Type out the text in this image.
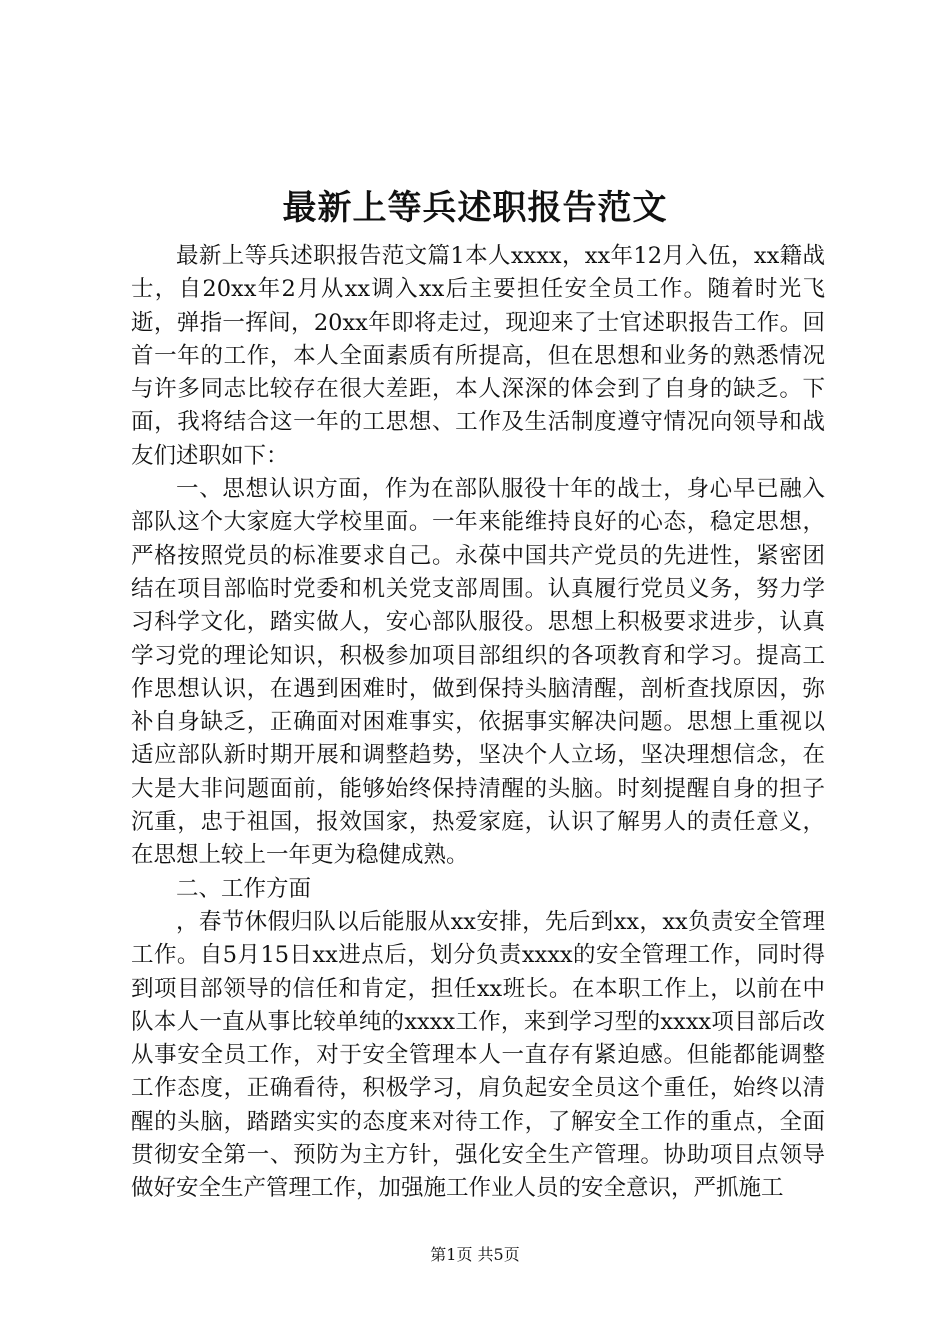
最新上等兵述职报告范文

最新上等兵述职报告范文篇1本人xxxx，xx年12月入伍，xx籍战士，自20xx年2月从xx调入xx后主要担任安全员工作。随着时光飞逝，弹指一挥间，20xx年即将走过，现迎来了士官述职报告工作。回首一年的工作，本人全面素质有所提高，但在思想和业务的熟悉情况与许多同志比较存在很大差距，本人深深的体会到了自身的缺乏。下面，我将结合这一年的工思想、工作及生活制度遵守情况向领导和战友们述职如下：

一、思想认识方面，作为在部队服役十年的战士，身心早已融入部队这个大家庭大学校里面。一年来能维持良好的心态，稳定思想，严格按照党员的标准要求自己。永葆中国共产党员的先进性，紧密团结在项目部临时党委和机关党支部周围。认真履行党员义务，努力学习科学文化，踏实做人，安心部队服役。思想上积极要求进步，认真学习党的理论知识，积极参加项目部组织的各项教育和学习。提高工作思想认识，在遇到困难时，做到保持头脑清醒，剖析查找原因，弥补自身缺乏，正确面对困难事实，依据事实解决问题。思想上重视以适应部队新时期开展和调整趋势，坚决个人立场，坚决理想信念，在大是大非问题面前，能够始终保持清醒的头脑。时刻提醒自身的担子沉重，忠于祖国，报效国家，热爱家庭，认识了解男人的责任意义，在思想上较上一年更为稳健成熟。

二、工作方面

，春节休假归队以后能服从xx安排，先后到xx，xx负责安全管理工作。自5月15日xx进点后，划分负责xxxx的安全管理工作，同时得到项目部领导的信任和肯定，担任xx班长。在本职工作上，以前在中队本人一直从事比较单纯的xxxx工作，来到学习型的xxxx项目部后改从事安全员工作，对于安全管理本人一直存有紧迫感。但能都能调整工作态度，正确看待，积极学习，肩负起安全员这个重任，始终以清醒的头脑，踏踏实实的态度来对待工作，了解安全工作的重点，全面贯彻安全第一、预防为主方针，强化安全生产管理。协助项目点领导做好安全生产管理工作，加强施工作业人员的安全意识，严抓施工

第1页 共5页
